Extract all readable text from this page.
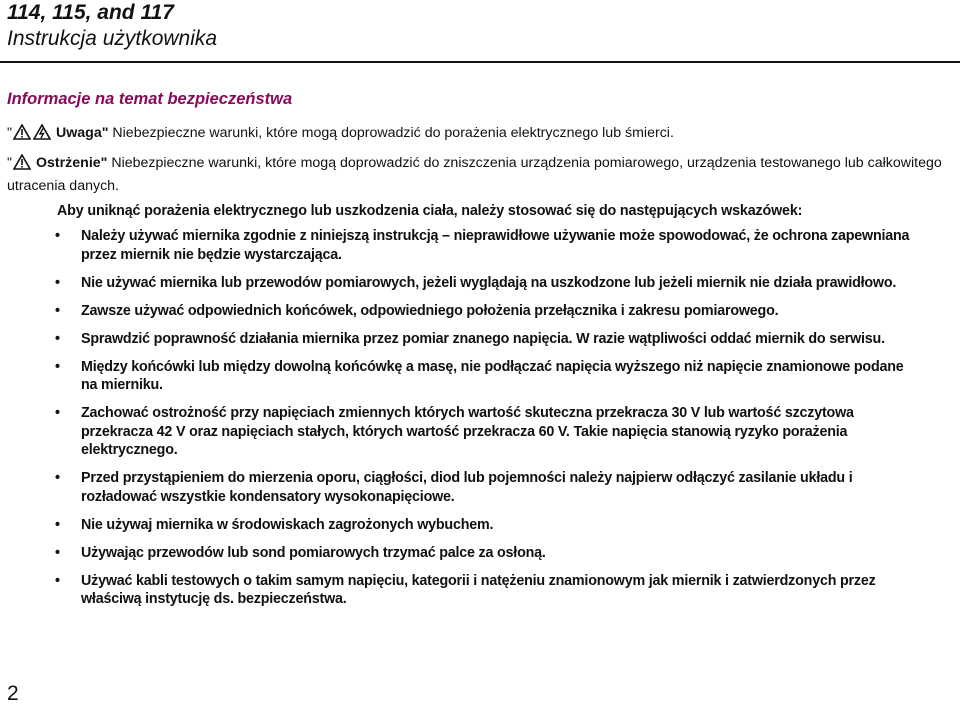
114, 115, and 117
Instrukcja użytkownika
Informacje na temat bezpieczeństwa
"	Uwaga" Niebezpieczne warunki, które mogą doprowadzić do porażenia elektrycznego lub śmierci.
" Ostrżenie" Niebezpieczne warunki, które mogą doprowadzić do zniszczenia urządzenia pomiarowego, urządzenia testowanego lub całkowitego utracenia danych.
Aby uniknąć porażenia elektrycznego lub uszkodzenia ciała, należy stosować się do następujących wskazówek:
• Należy używać miernika zgodnie z niniejszą instrukcją – nieprawidłowe używanie może spowodować, że ochrona zapewniana przez miernik nie będzie wystarczająca.
• Nie używać miernika lub przewodów pomiarowych, jeżeli wyglądają na uszkodzone lub jeżeli miernik nie działa prawidłowo.
• Zawsze używać odpowiednich końcówek, odpowiedniego położenia przełącznika i zakresu pomiarowego.
• Sprawdzić poprawność działania miernika przez pomiar znanego napięcia. W razie wątpliwości oddać miernik do serwisu.
• Między końcówki lub między dowolną końcówkę a masę, nie podłączać napięcia wyższego niż napięcie znamionowe podane na mierniku.
• Zachować ostrożność przy napięciach zmiennych których wartość skuteczna przekracza 30 V lub wartość szczytowa przekracza 42 V oraz napięciach stałych, których wartość przekracza 60 V. Takie napięcia stanowią ryzyko porażenia elektrycznego.
• Przed przystąpieniem do mierzenia oporu, ciągłości, diod lub pojemności należy najpierw odłączyć zasilanie układu i rozładować wszystkie kondensatory wysokonapięciowe.
• Nie używaj miernika w środowiskach zagrożonych wybuchem.
• Używając przewodów lub sond pomiarowych trzymać palce za osłoną.
• Używać kabli testowych o takim samym napięciu, kategorii i natężeniu znamionowym jak miernik i zatwierdzonych przez właściwą instytucję ds. bezpieczeństwa.
2
